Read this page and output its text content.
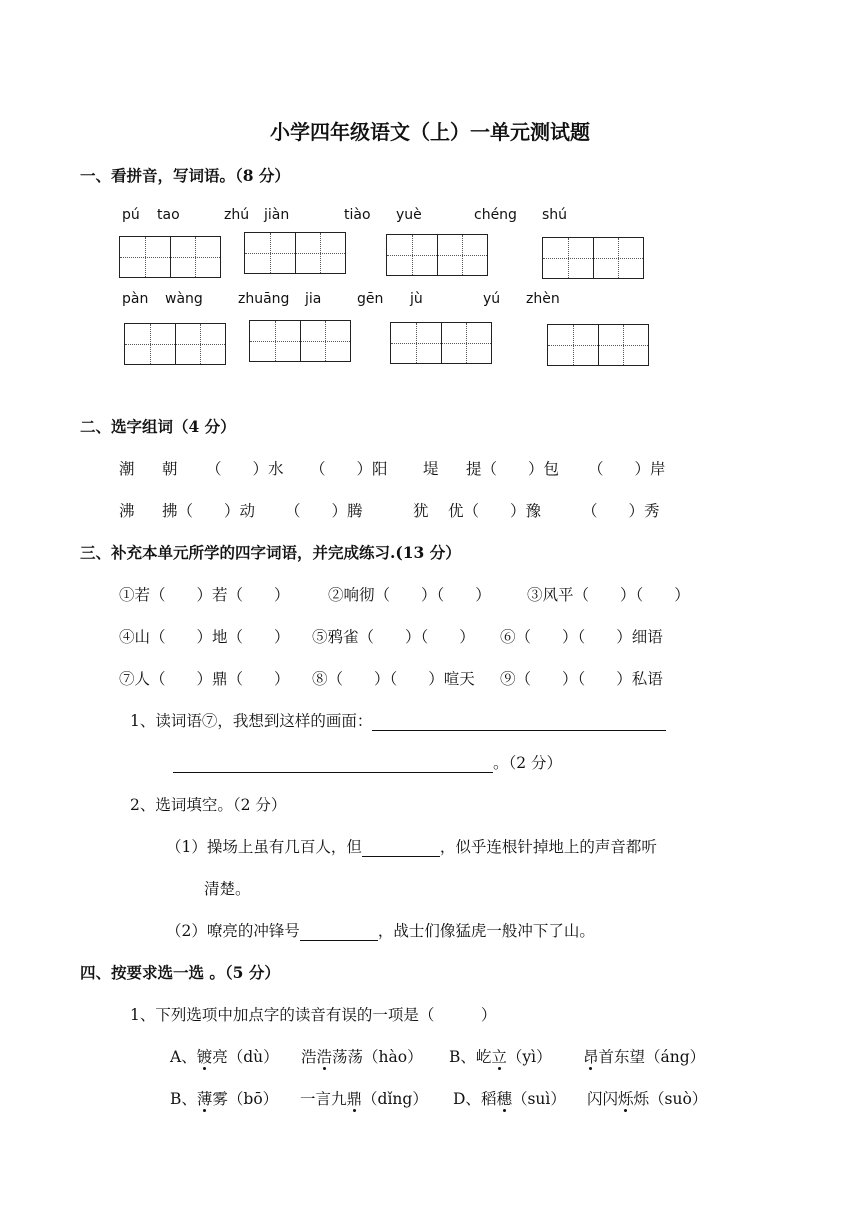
小学四年级语文（上）一单元测试题
一、看拼音，写词语。（8 分）
pú tao	zhú jiàn	tiào yuè	chéng shú
pàn wàng	zhuāng jia	gēn jù	yú zhèn
二、选字组词（4 分）
潮 朝 （　　）水 （　　）阳 堤 提（　　）包 （　　）岸
沸 拂（　　）动 （　　）腾	犹 优（　　）豫	（　　）秀
三、补充本单元所学的四字词语，并完成练习.(13 分）
①若（　　）若（　　） ②响彻（　　）（　　） ③风平（　　）（　　）
④山（　　）地（　　） ⑤鸦雀（　　）（　　） ⑥（　　）（　　）细语
⑦人（　　）鼎（　　） ⑧（　　）（　　）喧天 ⑨（　　）（　　）私语
1、读词语⑦，我想到这样的画面：
。（2 分）
2、选词填空。（2 分）
（1）操场上虽有几百人，但	，似乎连根针掉地上的声音都听
清楚。
（2）嘹亮的冲锋号	，战士们像猛虎一般冲下了山。
四、按要求选一选 。（5 分）
1、下列选项中加点字的读音有误的一项是（　　　）
A、镀亮（dù） 浩浩荡荡（hào） B、屹立（yì） 昂首东望（áng）
B、薄雾（bō） 一言九鼎（dǐng） D、稻穗（suì） 闪闪烁烁（suò）
